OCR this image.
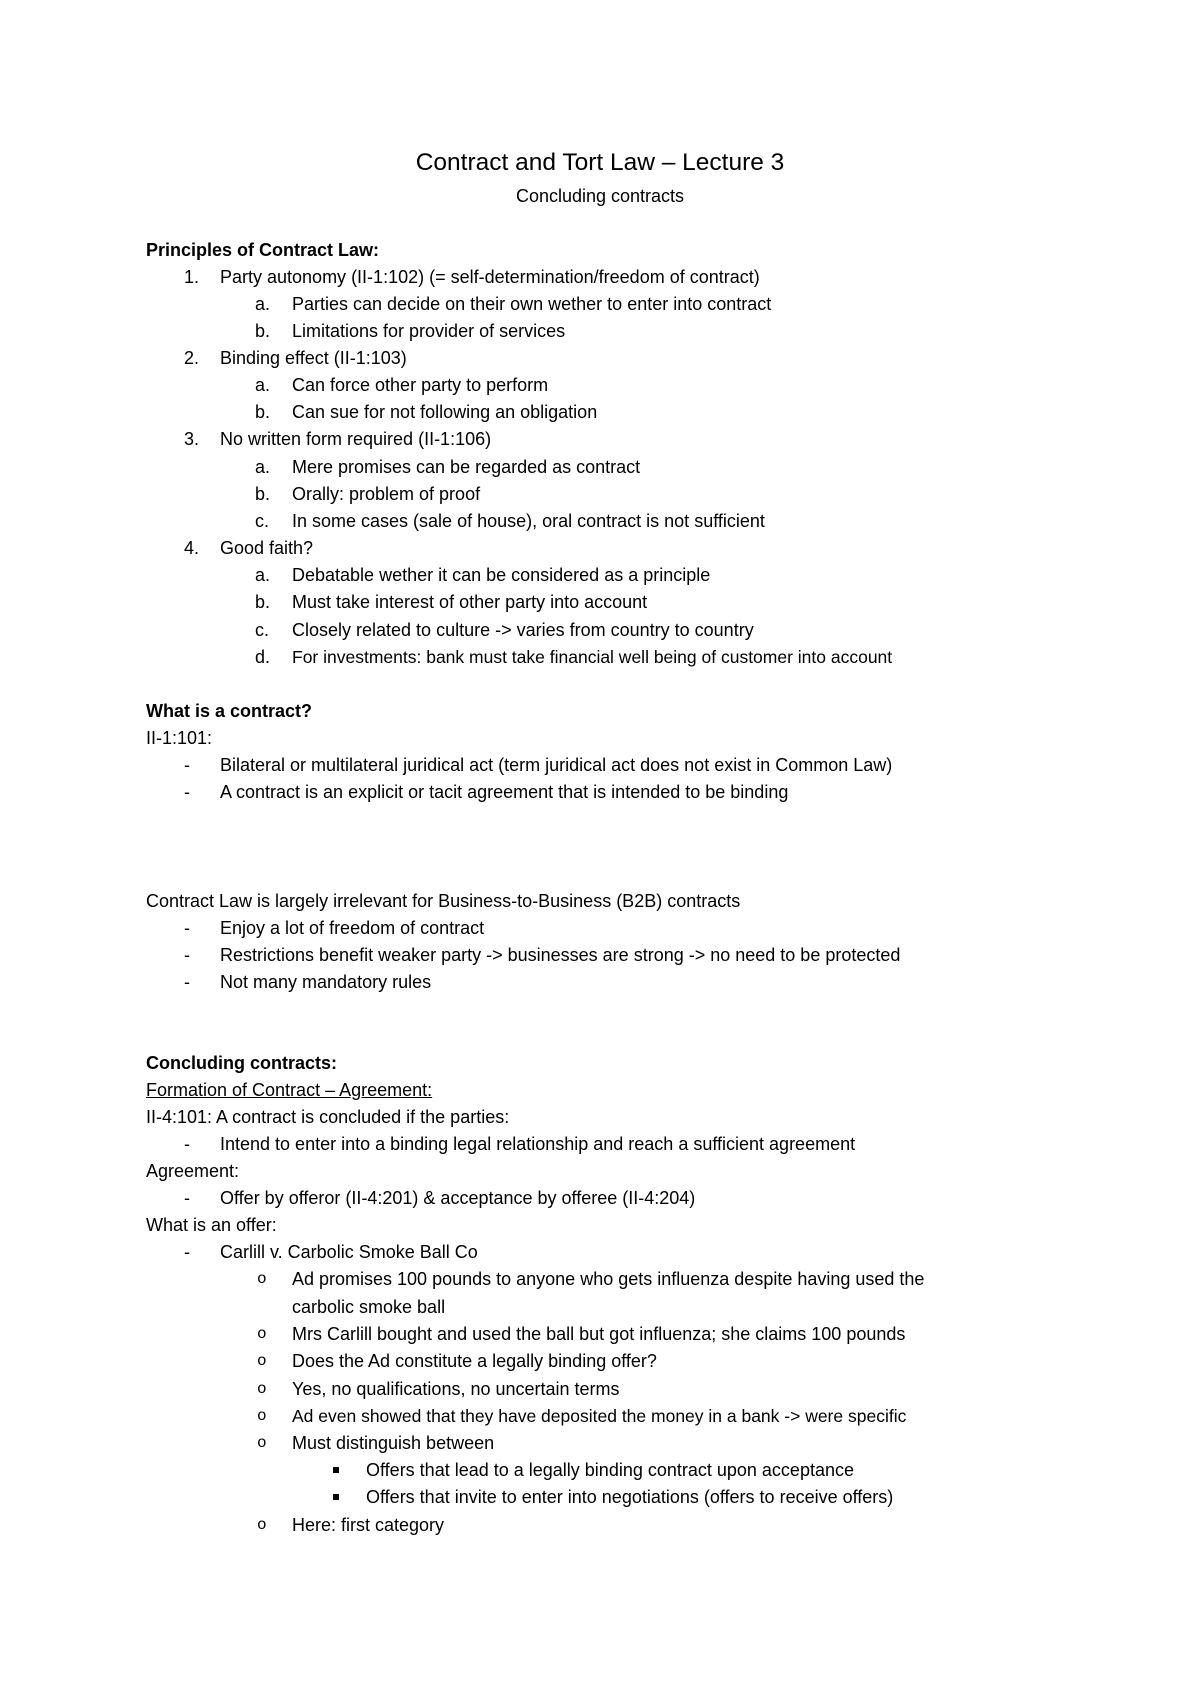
Contract and Tort Law – Lecture 3
Concluding contracts
Principles of Contract Law:
1. Party autonomy (II-1:102) (= self-determination/freedom of contract)
a. Parties can decide on their own wether to enter into contract
b. Limitations for provider of services
2. Binding effect (II-1:103)
a. Can force other party to perform
b. Can sue for not following an obligation
3. No written form required (II-1:106)
a. Mere promises can be regarded as contract
b. Orally: problem of proof
c. In some cases (sale of house), oral contract is not sufficient
4. Good faith?
a. Debatable wether it can be considered as a principle
b. Must take interest of other party into account
c. Closely related to culture -> varies from country to country
d. For investments: bank must take financial well being of customer into account
What is a contract?
II-1:101:
- Bilateral or multilateral juridical act (term juridical act does not exist in Common Law)
- A contract is an explicit or tacit agreement that is intended to be binding
Contract Law is largely irrelevant for Business-to-Business (B2B) contracts
- Enjoy a lot of freedom of contract
- Restrictions benefit weaker party -> businesses are strong -> no need to be protected
- Not many mandatory rules
Concluding contracts:
Formation of Contract – Agreement:
II-4:101: A contract is concluded if the parties:
- Intend to enter into a binding legal relationship and reach a sufficient agreement
Agreement:
- Offer by offeror (II-4:201) & acceptance by offeree (II-4:204)
What is an offer:
- Carlill v. Carbolic Smoke Ball Co
o Ad promises 100 pounds to anyone who gets influenza despite having used the
carbolic smoke ball
o Mrs Carlill bought and used the ball but got influenza; she claims 100 pounds
o Does the Ad constitute a legally binding offer?
o Yes, no qualifications, no uncertain terms
o Ad even showed that they have deposited the money in a bank -> were specific
o Must distinguish between
Offers that lead to a legally binding contract upon acceptance
Offers that invite to enter into negotiations (offers to receive offers)
o Here: first category
